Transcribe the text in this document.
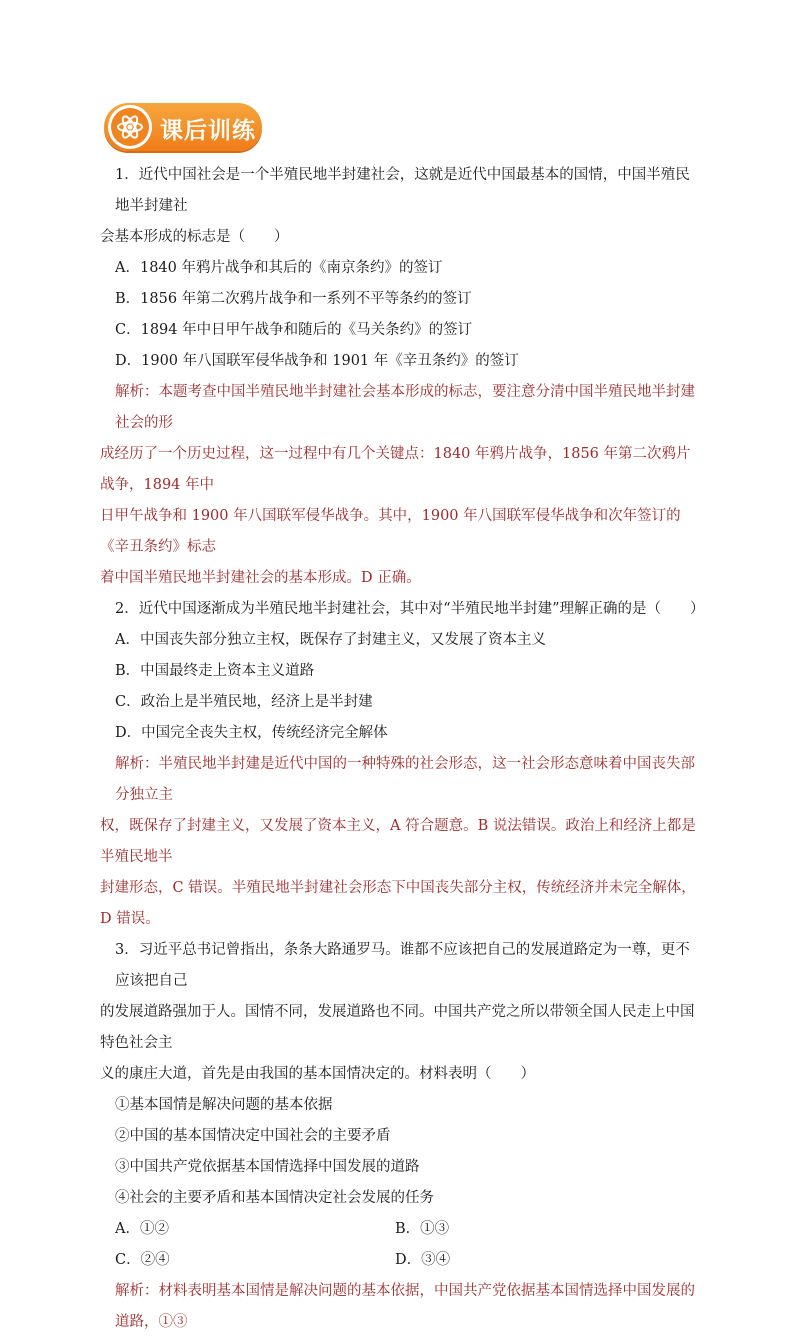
课后训练

1．近代中国社会是一个半殖民地半封建社会，这就是近代中国最基本的国情，中国半殖民地半封建社

会基本形成的标志是（　　）

A．1840 年鸦片战争和其后的《南京条约》的签订

B．1856 年第二次鸦片战争和一系列不平等条约的签订

C．1894 年中日甲午战争和随后的《马关条约》的签订

D．1900 年八国联军侵华战争和 1901 年《辛丑条约》的签订

解析：本题考查中国半殖民地半封建社会基本形成的标志，要注意分清中国半殖民地半封建社会的形

成经历了一个历史过程，这一过程中有几个关键点：1840 年鸦片战争，1856 年第二次鸦片战争，1894 年中

日甲午战争和 1900 年八国联军侵华战争。其中，1900 年八国联军侵华战争和次年签订的《辛丑条约》标志

着中国半殖民地半封建社会的基本形成。D 正确。

2．近代中国逐渐成为半殖民地半封建社会，其中对“半殖民地半封建”理解正确的是（　　）

A．中国丧失部分独立主权，既保存了封建主义，又发展了资本主义

B．中国最终走上资本主义道路

C．政治上是半殖民地，经济上是半封建

D．中国完全丧失主权，传统经济完全解体

解析：半殖民地半封建是近代中国的一种特殊的社会形态，这一社会形态意味着中国丧失部分独立主

权，既保存了封建主义，又发展了资本主义，A 符合题意。B 说法错误。政治上和经济上都是半殖民地半

封建形态，C 错误。半殖民地半封建社会形态下中国丧失部分主权，传统经济并未完全解体，D 错误。

3．习近平总书记曾指出，条条大路通罗马。谁都不应该把自己的发展道路定为一尊，更不应该把自己

的发展道路强加于人。国情不同，发展道路也不同。中国共产党之所以带领全国人民走上中国特色社会主

义的康庄大道，首先是由我国的基本国情决定的。材料表明（　　）

①基本国情是解决问题的基本依据

②中国的基本国情决定中国社会的主要矛盾

③中国共产党依据基本国情选择中国发展的道路

④社会的主要矛盾和基本国情决定社会发展的任务

A．①②	B．①③

C．②④	D．③④

解析：材料表明基本国情是解决问题的基本依据，中国共产党依据基本国情选择中国发展的道路，①③
